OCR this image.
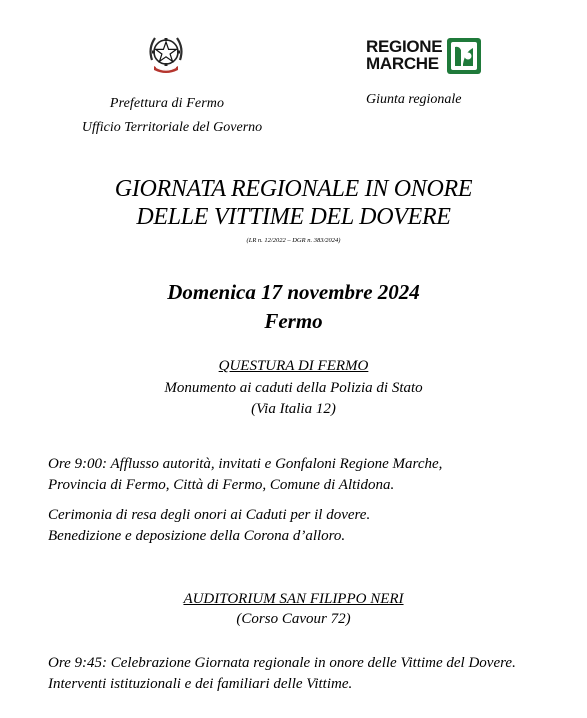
Prefettura di Fermo
Ufficio Territoriale del Governo
REGIONE
MARCHE
Giunta regionale
GIORNATA REGIONALE IN ONORE
DELLE VITTIME DEL DOVERE
(LR n. 12/2022 – DGR n. 383/2024)
Domenica 17 novembre 2024
Fermo
QUESTURA DI FERMO
Monumento ai caduti della Polizia di Stato
(Via Italia 12)
Ore 9:00: Afflusso autorità, invitati e Gonfaloni Regione Marche,
Provincia di Fermo, Città di Fermo, Comune di Altidona.
Cerimonia di resa degli onori ai Caduti per il dovere.
Benedizione e deposizione della Corona d’alloro.
AUDITORIUM SAN FILIPPO NERI
(Corso Cavour 72)
Ore 9:45: Celebrazione Giornata regionale in onore delle Vittime del Dovere.
Interventi istituzionali e dei familiari delle Vittime.
